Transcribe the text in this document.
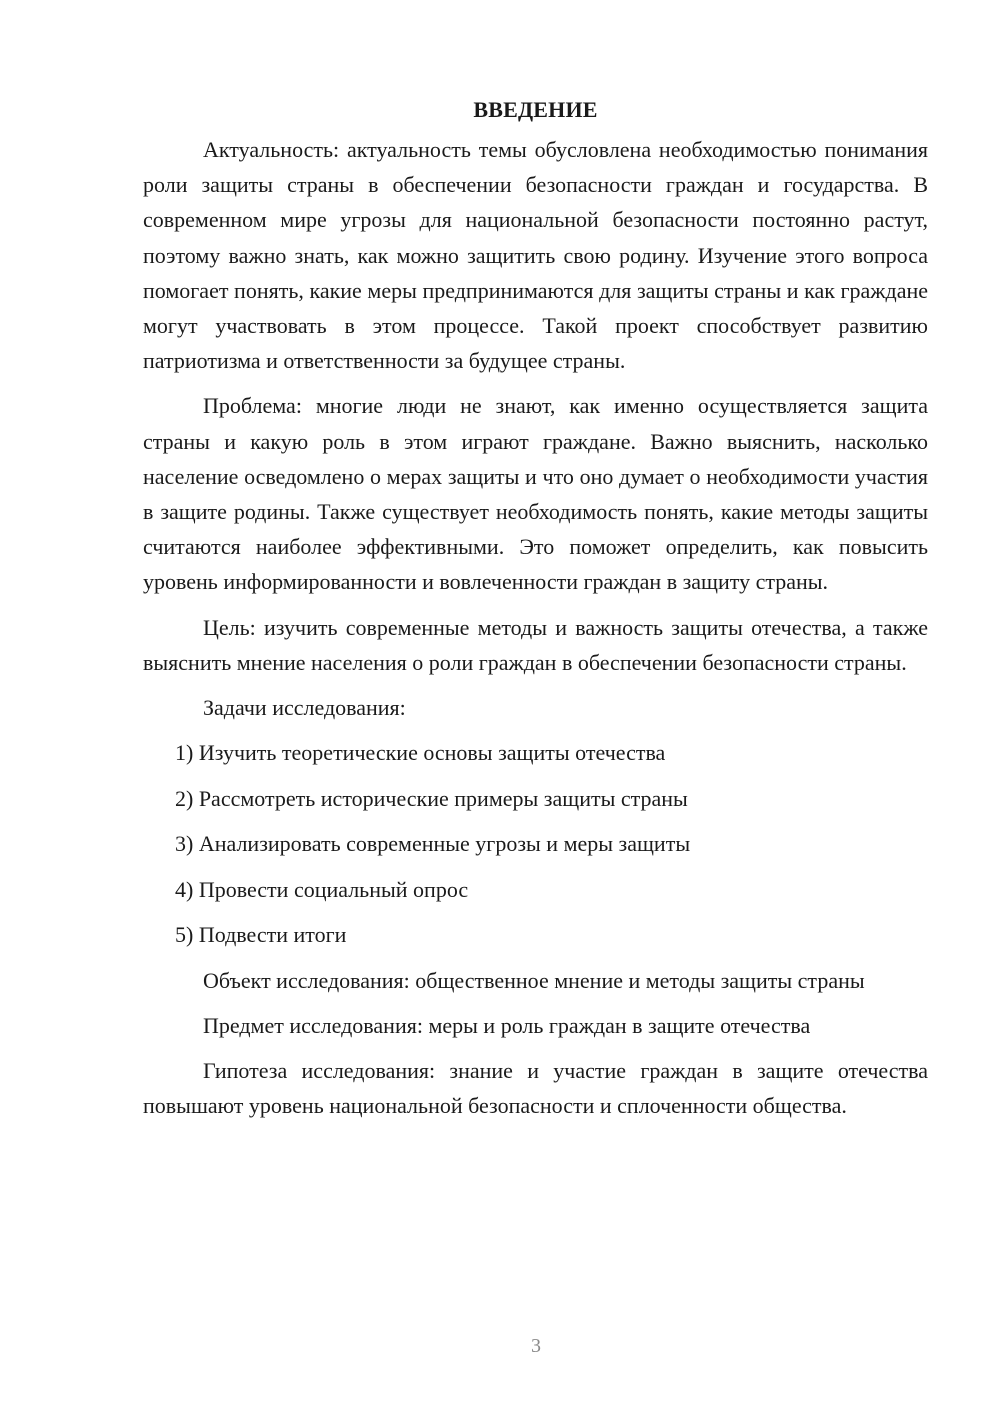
ВВЕДЕНИЕ

Актуальность: актуальность темы обусловлена необходимостью понимания роли защиты страны в обеспечении безопасности граждан и государства. В современном мире угрозы для национальной безопасности постоянно растут, поэтому важно знать, как можно защитить свою родину. Изучение этого вопроса помогает понять, какие меры предпринимаются для защиты страны и как граждане могут участвовать в этом процессе. Такой проект способствует развитию патриотизма и ответственности за будущее страны.

Проблема: многие люди не знают, как именно осуществляется защита страны и какую роль в этом играют граждане. Важно выяснить, насколько население осведомлено о мерах защиты и что оно думает о необходимости участия в защите родины. Также существует необходимость понять, какие методы защиты считаются наиболее эффективными. Это поможет определить, как повысить уровень информированности и вовлеченности граждан в защиту страны.

Цель: изучить современные методы и важность защиты отечества, а также выяснить мнение населения о роли граждан в обеспечении безопасности страны.

Задачи исследования:

1) Изучить теоретические основы защиты отечества
2) Рассмотреть исторические примеры защиты страны
3) Анализировать современные угрозы и меры защиты
4) Провести социальный опрос
5) Подвести итоги

Объект исследования: общественное мнение и методы защиты страны

Предмет исследования: меры и роль граждан в защите отечества

Гипотеза исследования: знание и участие граждан в защите отечества повышают уровень национальной безопасности и сплоченности общества.

3
